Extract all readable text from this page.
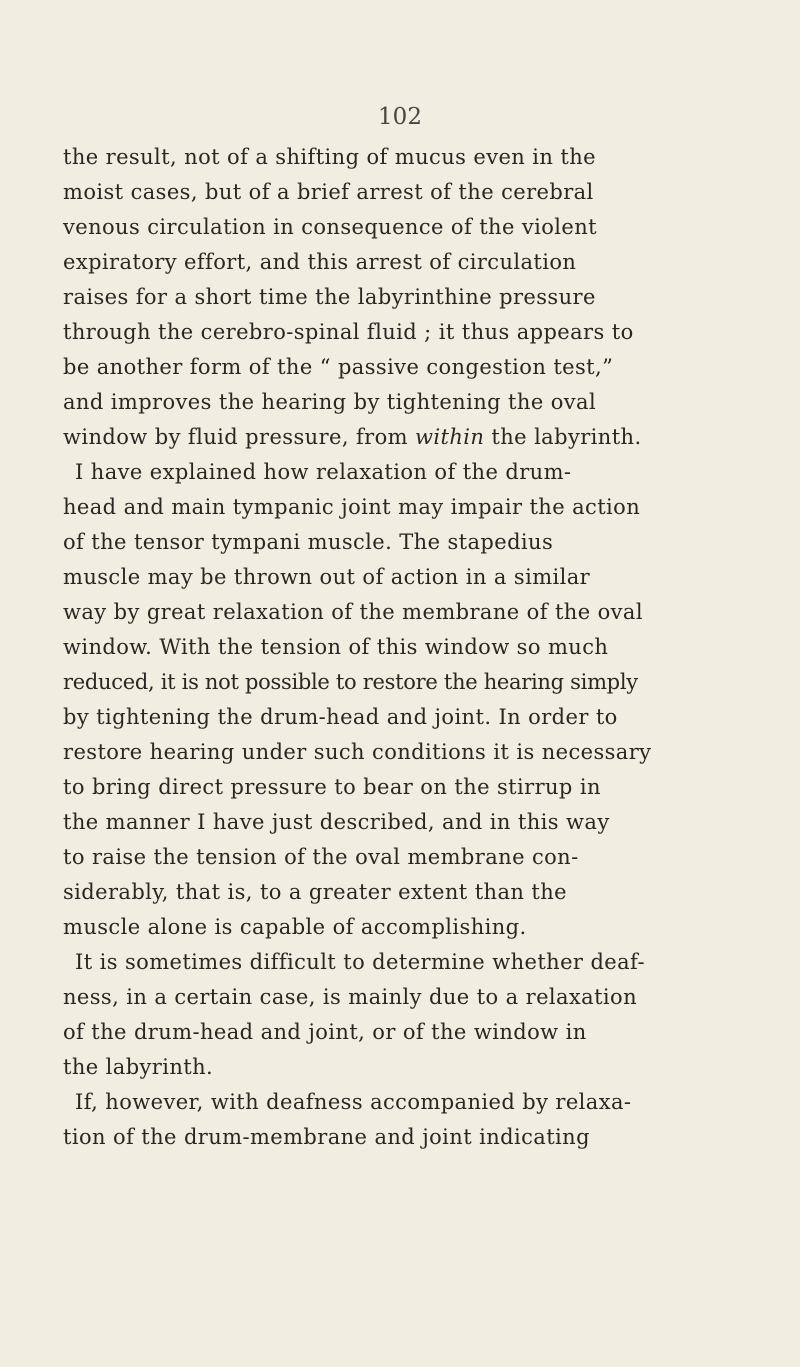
102
the result, not of a shifting of mucus even in the
moist cases, but of a brief arrest of the cerebral
venous circulation in consequence of the violent
expiratory effort, and this arrest of circulation
raises for a short time the labyrinthine pressure
through the cerebro-spinal fluid ; it thus appears to
be another form of the “ passive congestion test,”
and improves the hearing by tightening the oval
window by fluid pressure, from within the labyrinth.
I have explained how relaxation of the drum-
head and main tympanic joint may impair the action
of the tensor tympani muscle. The stapedius
muscle may be thrown out of action in a similar
way by great relaxation of the membrane of the oval
window. With the tension of this window so much
reduced, it is not possible to restore the hearing simply
by tightening the drum-head and joint. In order to
restore hearing under such conditions it is necessary
to bring direct pressure to bear on the stirrup in
the manner I have just described, and in this way
to raise the tension of the oval membrane con-
siderably, that is, to a greater extent than the
muscle alone is capable of accomplishing.
It is sometimes difficult to determine whether deaf-
ness, in a certain case, is mainly due to a relaxation
of the drum-head and joint, or of the window in
the labyrinth.
If, however, with deafness accompanied by relaxa-
tion of the drum-membrane and joint indicating
